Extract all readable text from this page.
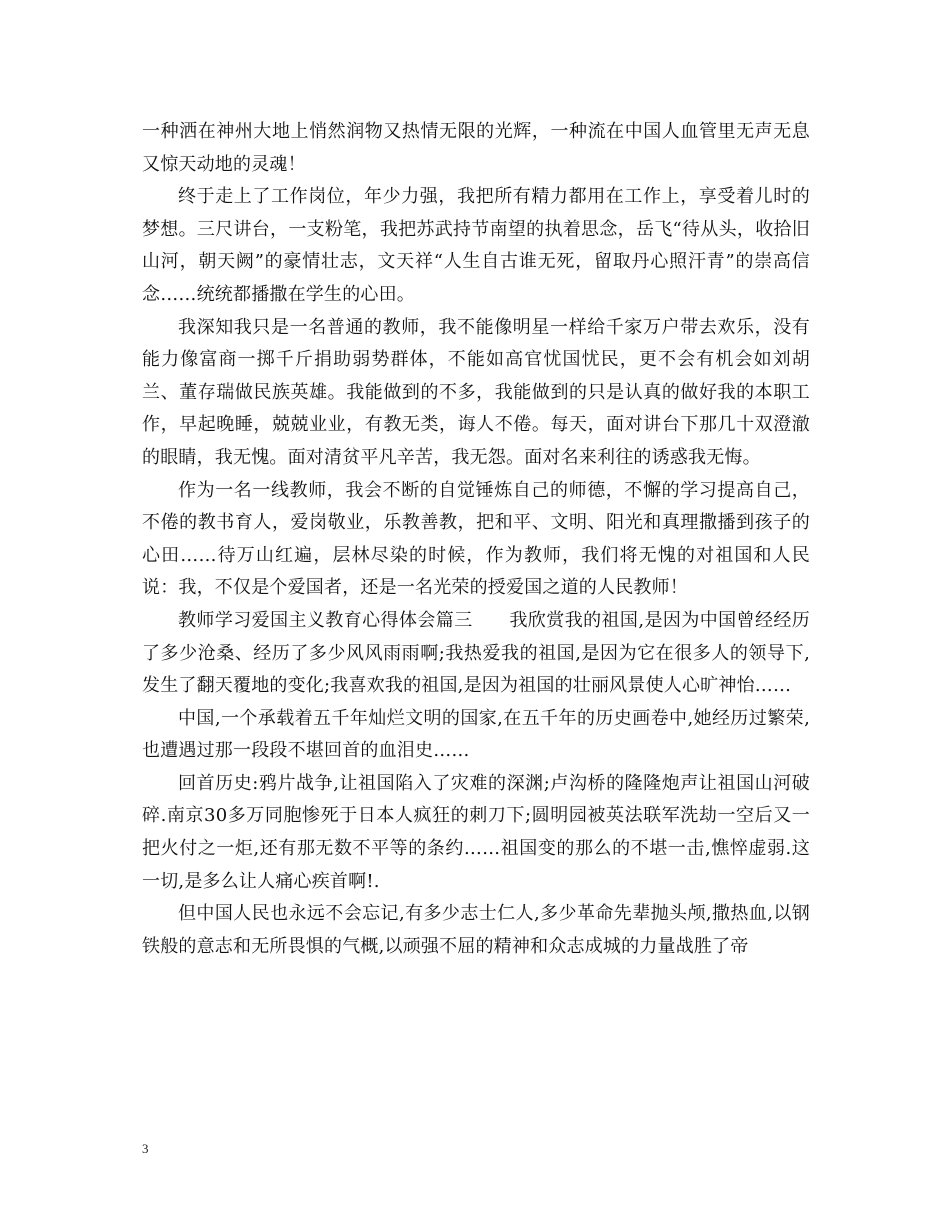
一种洒在神州大地上悄然润物又热情无限的光辉，一种流在中国人血管里无声无息又惊天动地的灵魂！

终于走上了工作岗位，年少力强，我把所有精力都用在工作上，享受着儿时的梦想。三尺讲台，一支粉笔，我把苏武持节南望的执着思念，岳飞“待从头，收拾旧山河，朝天阙”的豪情壮志，文天祥“人生自古谁无死，留取丹心照汗青”的崇高信念……统统都播撒在学生的心田。

我深知我只是一名普通的教师，我不能像明星一样给千家万户带去欢乐，没有能力像富商一掷千斤捐助弱势群体，不能如高官忧国忧民，更不会有机会如刘胡兰、董存瑞做民族英雄。我能做到的不多，我能做到的只是认真的做好我的本职工作，早起晚睡，兢兢业业，有教无类，诲人不倦。每天，面对讲台下那几十双澄澈的眼睛，我无愧。面对清贫平凡辛苦，我无怨。面对名来利往的诱惑我无悔。

作为一名一线教师，我会不断的自觉锤炼自己的师德，不懈的学习提高自己，不倦的教书育人，爱岗敬业，乐教善教，把和平、文明、阳光和真理撒播到孩子的心田……待万山红遍，层林尽染的时候，作为教师，我们将无愧的对祖国和人民说：我，不仅是个爱国者，还是一名光荣的授爱国之道的人民教师！

教师学习爱国主义教育心得体会篇三　　我欣赏我的祖国,是因为中国曾经经历了多少沧桑、经历了多少风风雨雨啊;我热爱我的祖国,是因为它在很多人的领导下,发生了翻天覆地的变化;我喜欢我的祖国,是因为祖国的壮丽风景使人心旷神怡……

中国,一个承载着五千年灿烂文明的国家,在五千年的历史画卷中,她经历过繁荣,也遭遇过那一段段不堪回首的血泪史……

回首历史:鸦片战争,让祖国陷入了灾难的深渊;卢沟桥的隆隆炮声让祖国山河破碎.南京30多万同胞惨死于日本人疯狂的刺刀下;圆明园被英法联军洗劫一空后又一把火付之一炬,还有那无数不平等的条约……祖国变的那么的不堪一击,憔悴虚弱.这一切,是多么让人痛心疾首啊!.

但中国人民也永远不会忘记,有多少志士仁人,多少革命先辈抛头颅,撒热血,以钢铁般的意志和无所畏惧的气概,以顽强不屈的精神和众志成城的力量战胜了帝

3
